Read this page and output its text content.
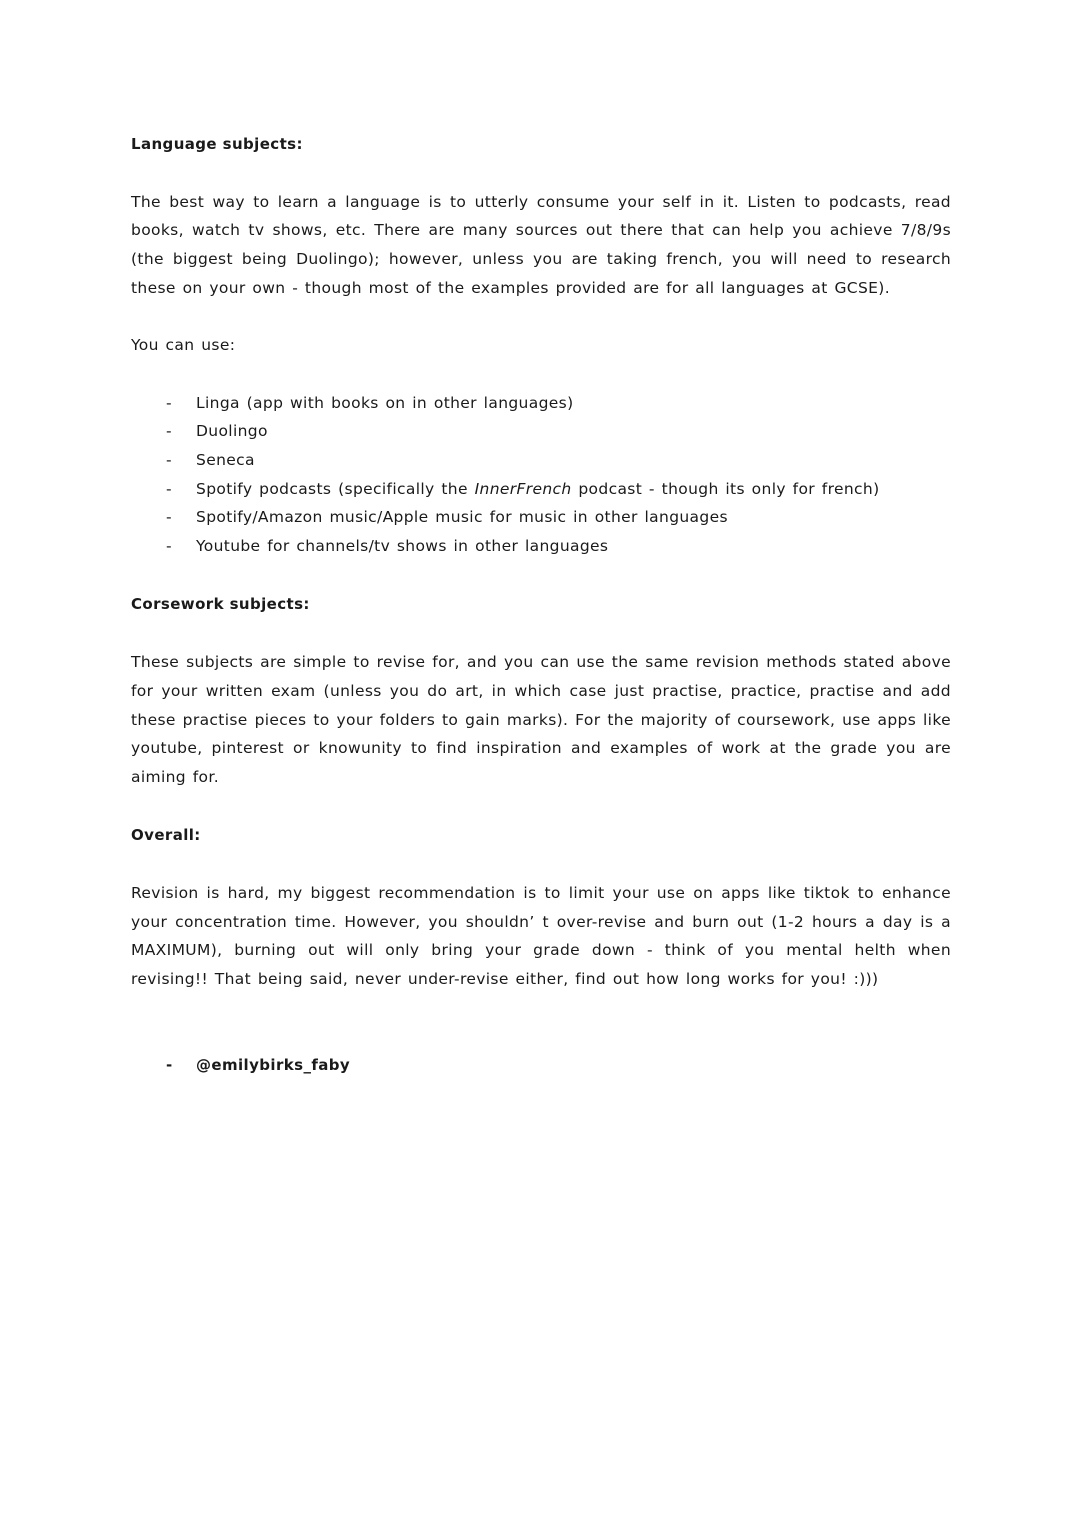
Language subjects:

The best way to learn a language is to utterly consume your self in it. Listen to podcasts, read books, watch tv shows, etc. There are many sources out there that can help you achieve 7/8/9s (the biggest being Duolingo); however, unless you are taking french, you will need to research these on your own - though most of the examples provided are for all languages at GCSE).

You can use:

- Linga (app with books on in other languages)
- Duolingo
- Seneca
- Spotify podcasts (specifically the InnerFrench podcast - though its only for french)
- Spotify/Amazon music/Apple music for music in other languages
- Youtube for channels/tv shows in other languages

Corsework subjects:

These subjects are simple to revise for, and you can use the same revision methods stated above for your written exam (unless you do art, in which case just practise, practice, practise and add these practise pieces to your folders to gain marks). For the majority of coursework, use apps like youtube, pinterest or knowunity to find inspiration and examples of work at the grade you are aiming for.

Overall:

Revision is hard, my biggest recommendation is to limit your use on apps like tiktok to enhance your concentration time. However, you shouldn’ t over-revise and burn out (1-2 hours a day is a MAXIMUM), burning out will only bring your grade down - think of you mental helth when revising!! That being said, never under-revise either, find out how long works for you! :)))

- @emilybirks_faby
